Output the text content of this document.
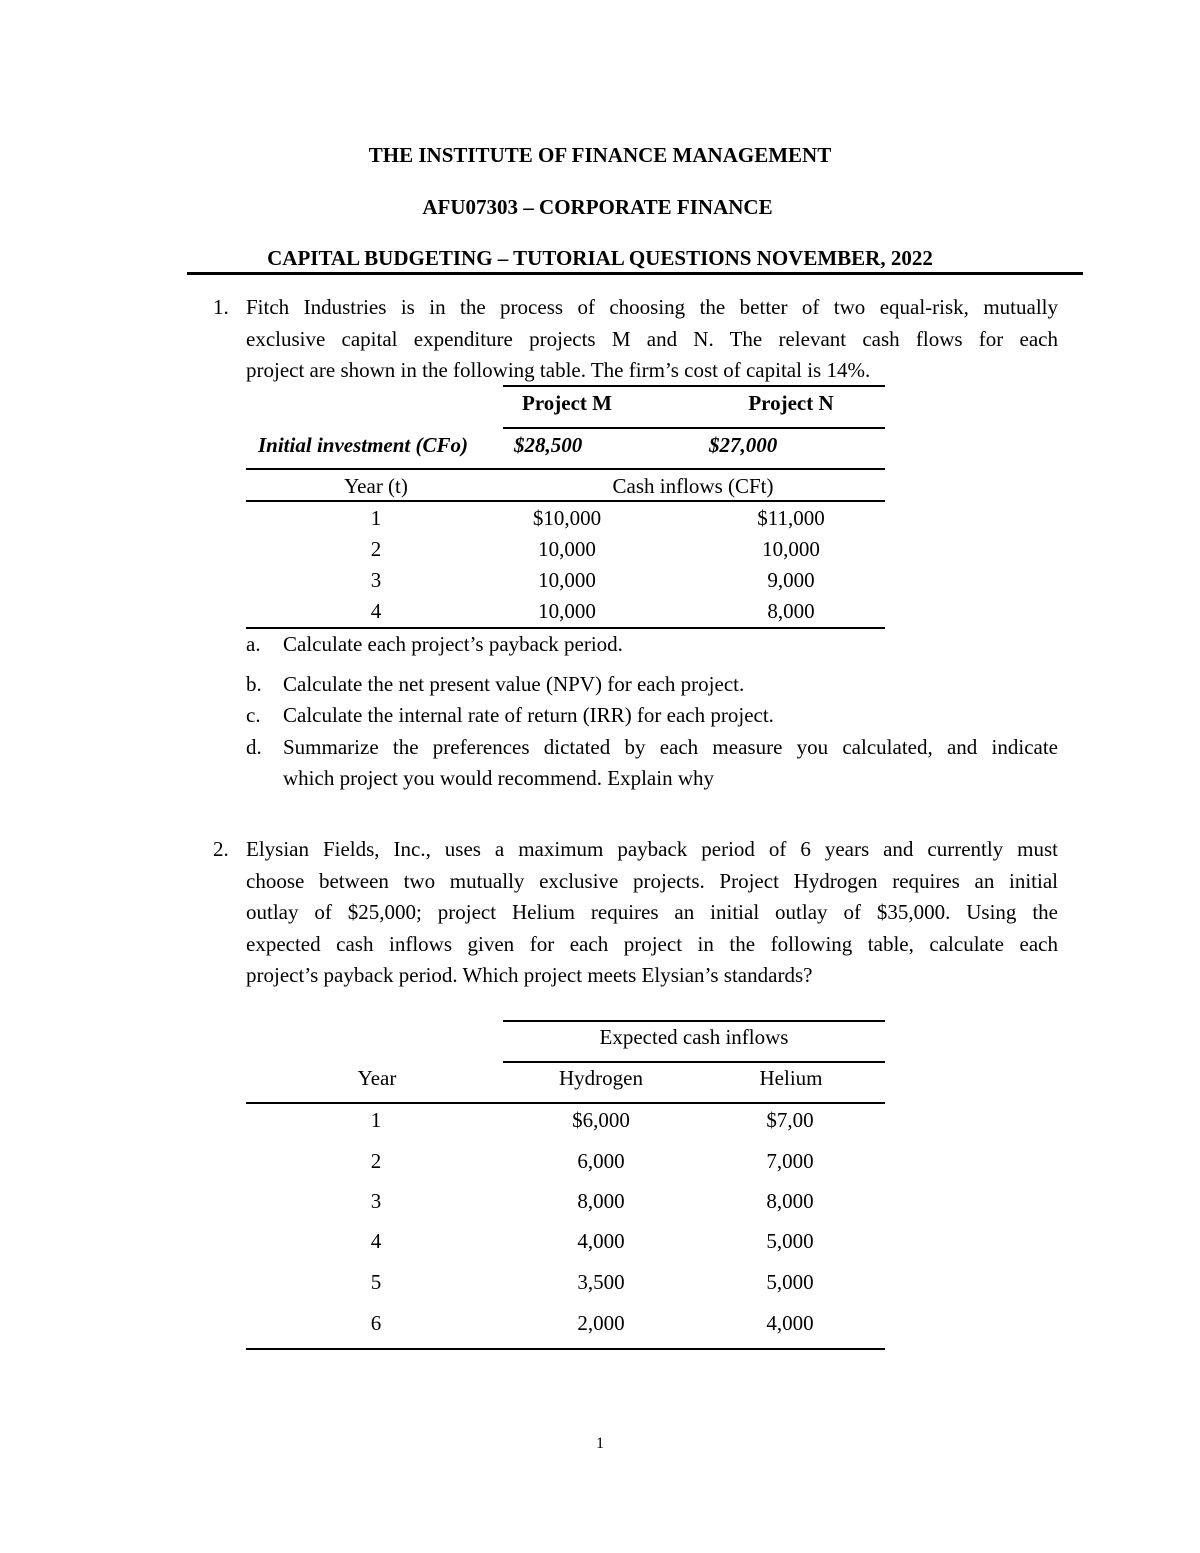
THE INSTITUTE OF FINANCE MANAGEMENT
AFU07303 – CORPORATE FINANCE
CAPITAL BUDGETING – TUTORIAL QUESTIONS NOVEMBER, 2022
1. Fitch Industries is in the process of choosing the better of two equal-risk, mutually
exclusive capital expenditure projects M and N. The relevant cash flows for each
project are shown in the following table. The firm’s cost of capital is 14%.
Project M	Project N
Initial investment (CFo) $28,500	$27,000
Year (t)	Cash inflows (CFt)
1	$10,000	$11,000
2	10,000	10,000
3	10,000	9,000
4	10,000	8,000
a. Calculate each project’s payback period.
b. Calculate the net present value (NPV) for each project.
c. Calculate the internal rate of return (IRR) for each project.
d. Summarize the preferences dictated by each measure you calculated, and indicate
which project you would recommend. Explain why
2. Elysian Fields, Inc., uses a maximum payback period of 6 years and currently must
choose between two mutually exclusive projects. Project Hydrogen requires an initial
outlay of $25,000; project Helium requires an initial outlay of $35,000. Using the
expected cash inflows given for each project in the following table, calculate each
project’s payback period. Which project meets Elysian’s standards?
Expected cash inflows
Year	Hydrogen	Helium
1	$6,000	$7,00
2	6,000	7,000
3	8,000	8,000
4	4,000	5,000
5	3,500	5,000
6	2,000	4,000
1
